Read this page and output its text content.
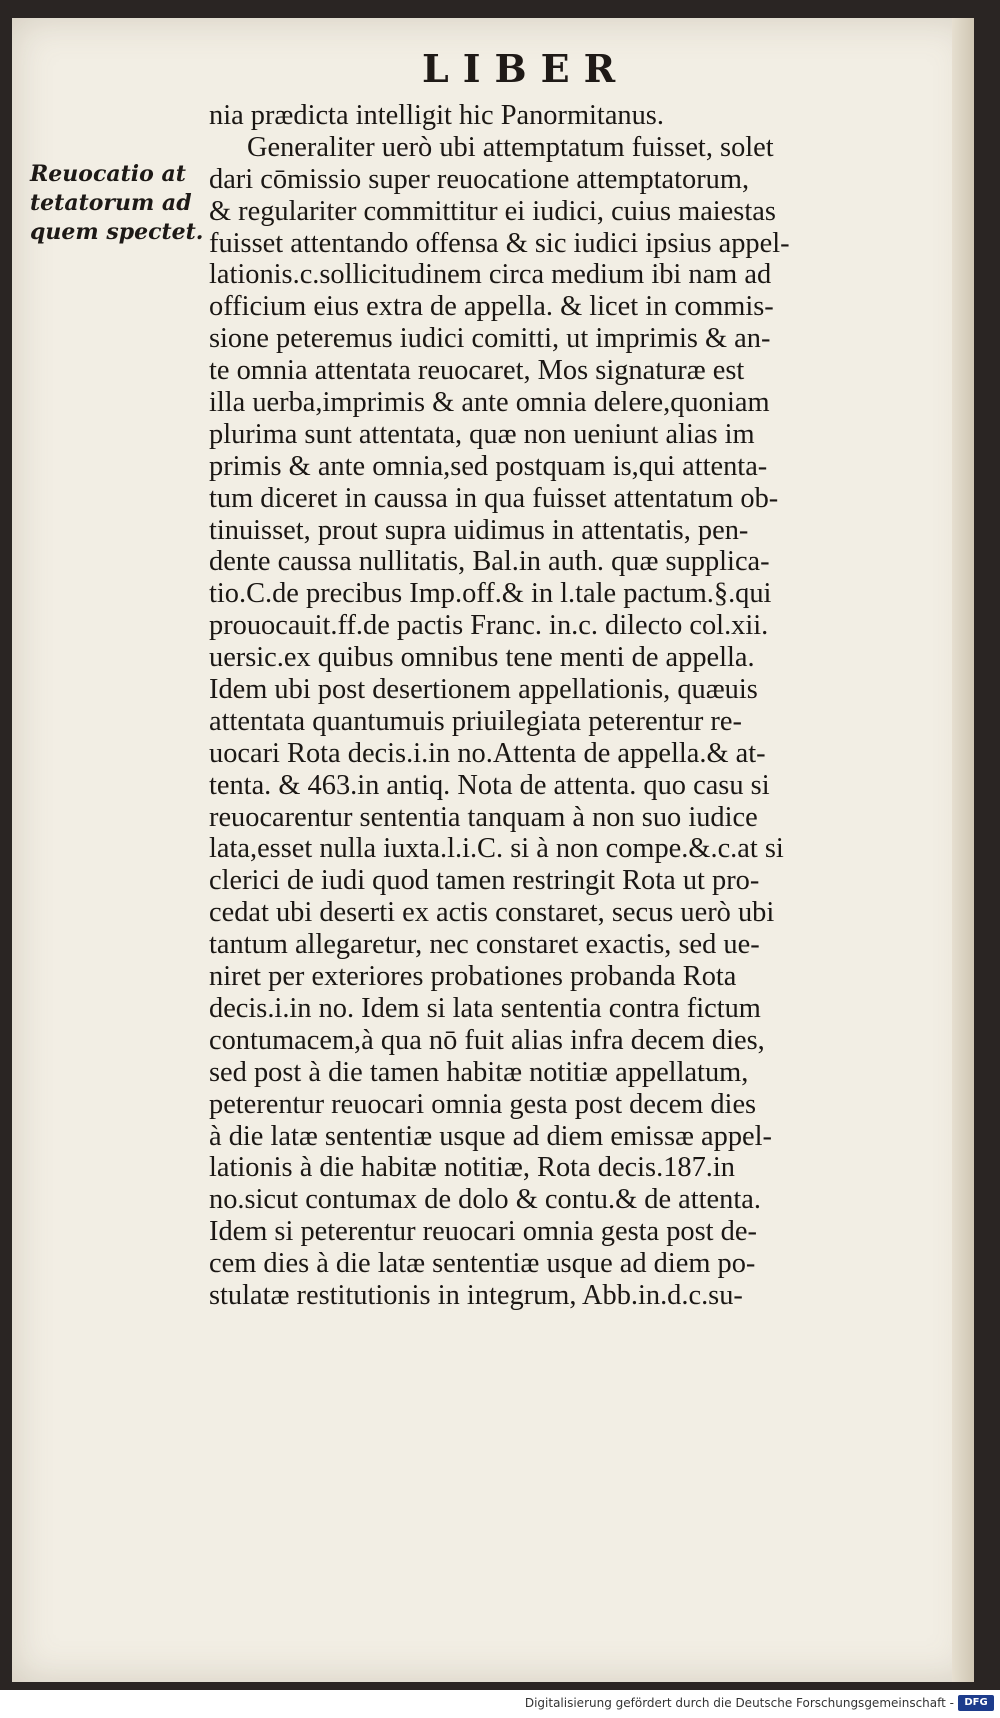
LIBER
Reuocatio at
tetatorum ad
quem spectet.
nia prædicta intelligit hic Panormitanus.
Generaliter uerò ubi attemptatum fuisset, solet
dari cōmissio super reuocatione attemptatorum,
& regulariter committitur ei iudici, cuius maiestas
fuisset attentando offensa & sic iudici ipsius appel-
lationis.c.sollicitudinem circa medium ibi nam ad
officium eius extra de appella. & licet in commis-
sione peteremus iudici comitti, ut imprimis & an-
te omnia attentata reuocaret, Mos signaturæ est
illa uerba,imprimis & ante omnia delere,quoniam
plurima sunt attentata, quæ non ueniunt alias im
primis & ante omnia,sed postquam is,qui attenta-
tum diceret in caussa in qua fuisset attentatum ob-
tinuisset, prout supra uidimus in attentatis, pen-
dente caussa nullitatis, Bal.in auth. quæ supplica-
tio.C.de precibus Imp.off.& in l.tale pactum.§.qui
prouocauit.ff.de pactis Franc. in.c. dilecto col.xii.
uersic.ex quibus omnibus tene menti de appella.
Idem ubi post desertionem appellationis, quæuis
attentata quantumuis priuilegiata peterentur re-
uocari Rota decis.i.in no.Attenta de appella.& at-
tenta. & 463.in antiq. Nota de attenta. quo casu si
reuocarentur sententia tanquam à non suo iudice
lata,esset nulla iuxta.l.i.C. si à non compe.&.c.at si
clerici de iudi quod tamen restringit Rota ut pro-
cedat ubi deserti ex actis constaret, secus uerò ubi
tantum allegaretur, nec constaret exactis, sed ue-
niret per exteriores probationes probanda Rota
decis.i.in no. Idem si lata sententia contra fictum
contumacem,à qua nō fuit alias infra decem dies,
sed post à die tamen habitæ notitiæ appellatum,
peterentur reuocari omnia gesta post decem dies
à die latæ sententiæ usque ad diem emissæ appel-
lationis à die habitæ notitiæ, Rota decis.187.in
no.sicut contumax de dolo & contu.& de attenta.
Idem si peterentur reuocari omnia gesta post de-
cem dies à die latæ sententiæ usque ad diem po-
stulatæ restitutionis in integrum, Abb.in.d.c.su-
Digitalisierung gefördert durch die Deutsche Forschungsgemeinschaft -	DFG
